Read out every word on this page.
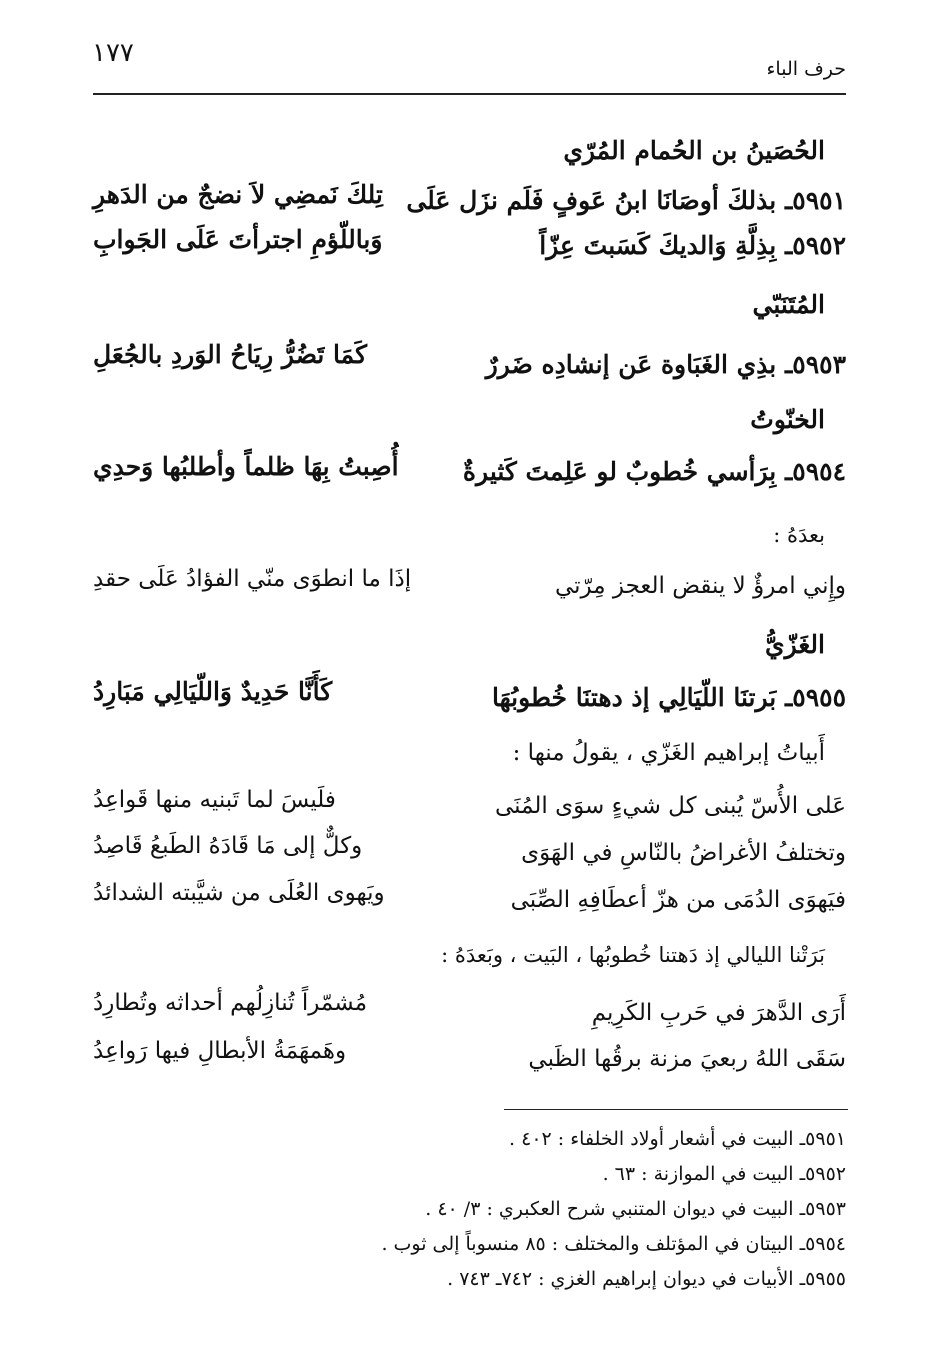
١٧٧
حرف الباء
الحُصَينُ بن الحُمام المُرّي
٥٩٥١ـ بذلكَ أوصَانَا ابنُ عَوفٍ فَلَم نزَل عَلَى
تِلكَ نَمضِي لاَ نضجٌ من الدَهرِ
٥٩٥٢ـ بِذِلَّةِ وَالديكَ كَسَبتَ عِزّاً
وَباللّؤمِ اجترأتَ عَلَى الجَوابِ
المُتَنَبّي
٥٩٥٣ـ بذِي الغَبَاوة عَن إنشادِه ضَررٌ
كَمَا تَضُرُّ رِيَاحُ الوَردِ بالجُعَلِ
الخنّوتُ
٥٩٥٤ـ بِرَأسي خُطوبٌ لو عَلِمتَ كَثيرةٌ
أُصِبتُ بِهَا ظلماً وأطلبُها وَحدِي
بعدَهُ :
وإِني امرؤٌ لا ينقض العجز مِرّتي
إذَا ما انطوَى منّي الفؤادُ عَلَى حقدِ
الغَزّيُّ
٥٩٥٥ـ بَرتنَا اللّيَالِي إذ دهتنَا خُطوبُهَا
كَأَنَّا حَدِيدٌ وَاللّيَالِي مَبَارِدُ
أَبياتُ إبراهيم الغَزّي ، يقولُ منها :
عَلى الأُسّ يُبنى كل شيءٍ سوَى المُنَى
فلَيسَ لما تَبنيه منها قَواعِدُ
وتختلفُ الأغراضُ بالنّاسِ في الهَوَى
وكلٌّ إلى مَا قَادَهُ الطَبعُ قَاصِدُ
فيَهوَى الدُمَى من هزّ أعطَافِهِ الصِّبَى
ويَهوى العُلَى من شيَّبته الشدائدُ
بَرَتْنا الليالي إذ دَهتنا خُطوبُها ، البَيت ، وبَعدَهُ :
أَرَى الدَّهرَ في حَربِ الكَرِيمِ
مُشمّراً تُنازِلُهم أحداثه وتُطارِدُ
سَقَى اللهُ ربعيَ مزنة برقُها الظَبي
وهَمهَمَةُ الأبطالِ فيها رَواعِدُ
٥٩٥١ـ البيت في أشعار أولاد الخلفاء : ٤٠٢ .
٥٩٥٢ـ البيت في الموازنة : ٦٣ .
٥٩٥٣ـ البيت في ديوان المتنبي شرح العكبري : ٣/ ٤٠ .
٥٩٥٤ـ البيتان في المؤتلف والمختلف : ٨٥ منسوباً إلى ثوب .
٥٩٥٥ـ الأبيات في ديوان إبراهيم الغزي : ٧٤٢ـ ٧٤٣ .
